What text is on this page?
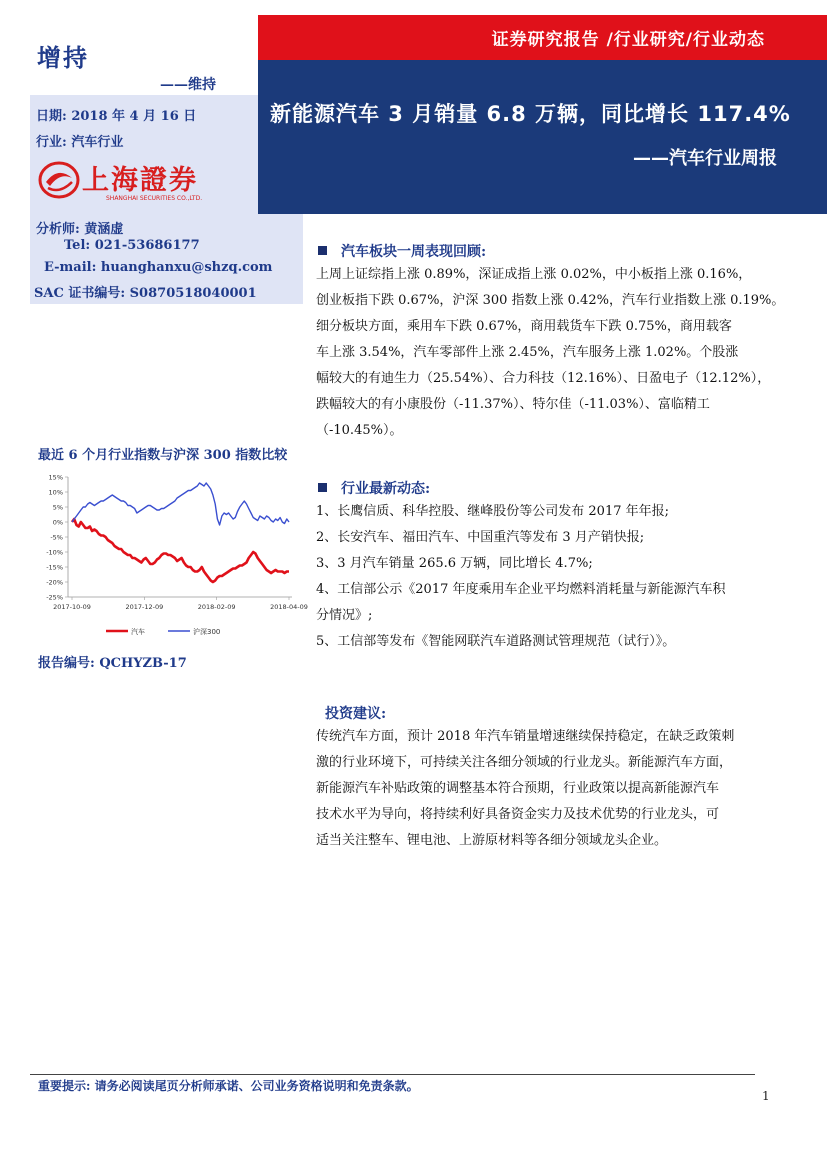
增持
——维持
证券研究报告 /行业研究/行业动态
新能源汽车 3 月销量 6.8 万辆，同比增长 117.4%
——汽车行业周报
日期: 2018 年 4 月 16 日
行业: 汽车行业
上海證券
SHANGHAI SECURITIES CO.,LTD.
分析师: 黄涵虚
Tel: 021-53686177
E-mail: huanghanxu@shzq.com
SAC 证书编号: S0870518040001
最近 6 个月行业指数与沪深 300 指数比较
15%
10%
5%
0%
-5%
-10%
-15%
-20%
-25%
2017-10-09	2017-12-09	2018-02-09	2018-04-09
汽车	沪深300
报告编号: QCHYZB-17
汽车板块一周表现回顾:

上周上证综指上涨 0.89%，深证成指上涨 0.02%，中小板指上涨 0.16%，

创业板指下跌 0.67%，沪深 300 指数上涨 0.42%，汽车行业指数上涨 0.19%。

细分板块方面，乘用车下跌 0.67%，商用载货车下跌 0.75%，商用载客

车上涨 3.54%，汽车零部件上涨 2.45%，汽车服务上涨 1.02%。个股涨

幅较大的有迪生力（25.54%）、合力科技（12.16%）、日盈电子（12.12%），

跌幅较大的有小康股份（-11.37%）、特尔佳（-11.03%）、富临精工

（-10.45%）。

行业最新动态:

1、长鹰信质、科华控股、继峰股份等公司发布 2017 年年报;

2、长安汽车、福田汽车、中国重汽等发布 3 月产销快报;

3、3 月汽车销量 265.6 万辆，同比增长 4.7%;

4、工信部公示《2017 年度乘用车企业平均燃料消耗量与新能源汽车积

分情况》;

5、工信部等发布《智能网联汽车道路测试管理规范（试行）》。

投资建议:

传统汽车方面，预计 2018 年汽车销量增速继续保持稳定，在缺乏政策刺

激的行业环境下，可持续关注各细分领域的行业龙头。新能源汽车方面，

新能源汽车补贴政策的调整基本符合预期，行业政策以提高新能源汽车

技术水平为导向，将持续利好具备资金实力及技术优势的行业龙头，可

适当关注整车、锂电池、上游原材料等各细分领域龙头企业。

重要提示: 请务必阅读尾页分析师承诺、公司业务资格说明和免责条款。
1
